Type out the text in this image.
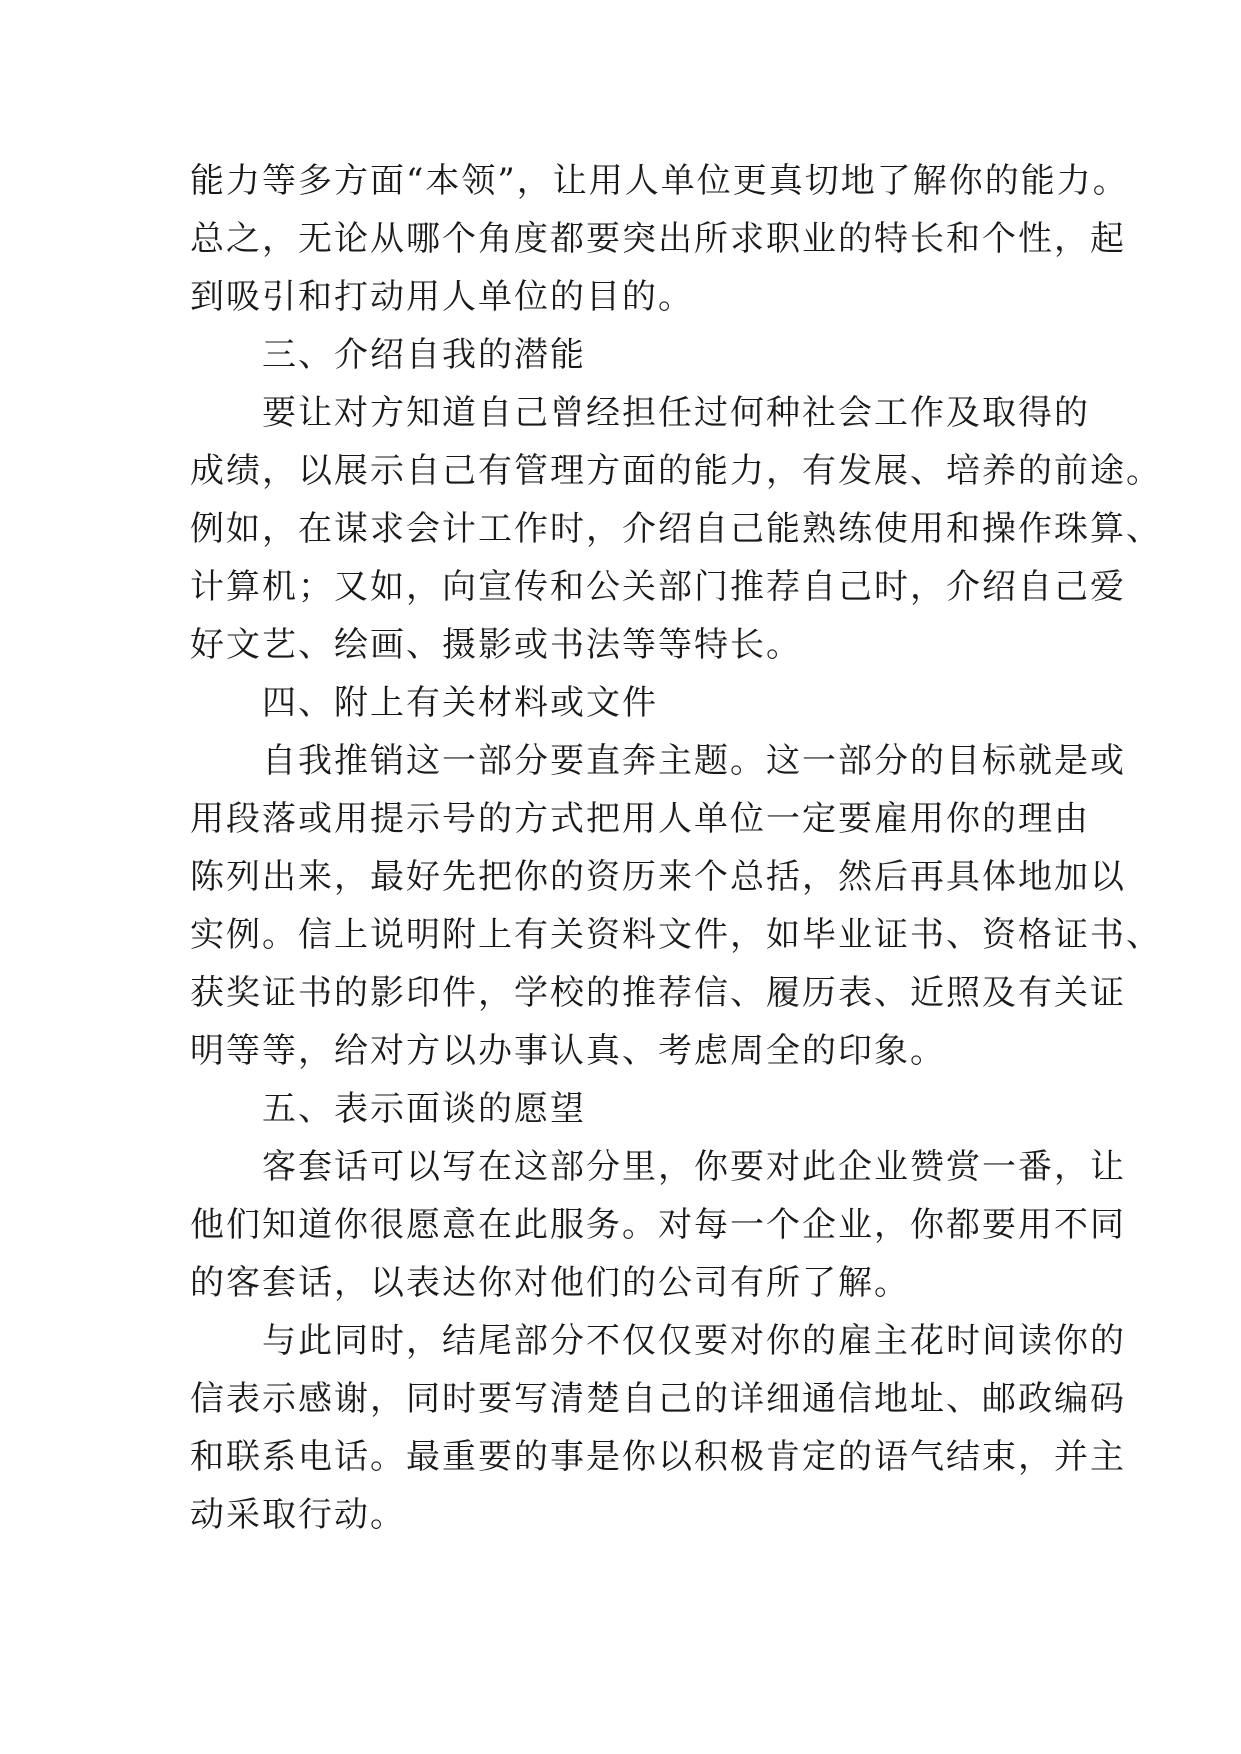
能力等多方面“本领”，让用人单位更真切地了解你的能力。
总之，无论从哪个角度都要突出所求职业的特长和个性，起
到吸引和打动用人单位的目的。
三、介绍自我的潜能
要让对方知道自己曾经担任过何种社会工作及取得的
成绩，以展示自己有管理方面的能力，有发展、培养的前途。
例如，在谋求会计工作时，介绍自己能熟练使用和操作珠算、
计算机；又如，向宣传和公关部门推荐自己时，介绍自己爱
好文艺、绘画、摄影或书法等等特长。
四、附上有关材料或文件
自我推销这一部分要直奔主题。这一部分的目标就是或
用段落或用提示号的方式把用人单位一定要雇用你的理由
陈列出来，最好先把你的资历来个总括，然后再具体地加以
实例。信上说明附上有关资料文件，如毕业证书、资格证书、
获奖证书的影印件，学校的推荐信、履历表、近照及有关证
明等等，给对方以办事认真、考虑周全的印象。
五、表示面谈的愿望
客套话可以写在这部分里，你要对此企业赞赏一番，让
他们知道你很愿意在此服务。对每一个企业，你都要用不同
的客套话，以表达你对他们的公司有所了解。
与此同时，结尾部分不仅仅要对你的雇主花时间读你的
信表示感谢，同时要写清楚自己的详细通信地址、邮政编码
和联系电话。最重要的事是你以积极肯定的语气结束，并主
动采取行动。
